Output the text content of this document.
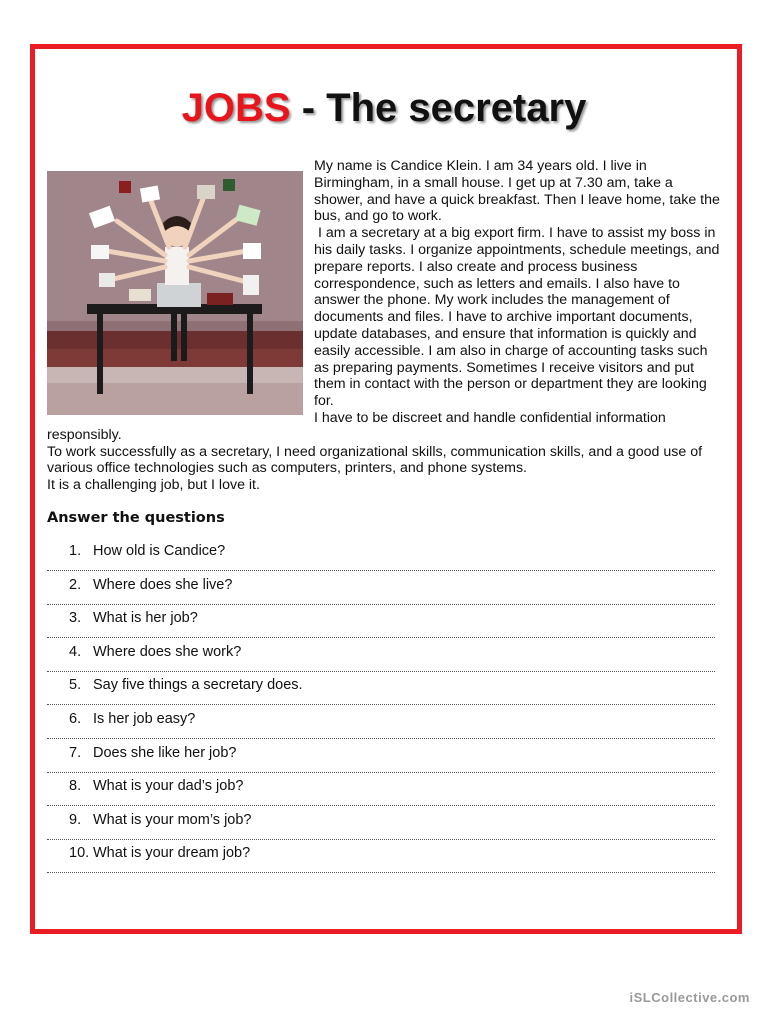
JOBS - The secretary

My name is Candice Klein. I am 34 years old. I live in Birmingham, in a small house. I get up at 7.30 am, take a shower, and have a quick breakfast. Then I leave home, take the bus, and go to work.
I am a secretary at a big export firm. I have to assist my boss in his daily tasks. I organize appointments, schedule meetings, and prepare reports. I also create and process business correspondence, such as letters and emails. I also have to answer the phone. My work includes the management of documents and files. I have to archive important documents, update databases, and ensure that information is quickly and easily accessible. I am also in charge of accounting tasks such as preparing payments. Sometimes I receive visitors and put them in contact with the person or department they are looking for.
I have to be discreet and handle confidential information responsibly.
To work successfully as a secretary, I need organizational skills, communication skills, and a good use of various office technologies such as computers, printers, and phone systems.
It is a challenging job, but I love it.

Answer the questions

1. How old is Candice?
2. Where does she live?
3. What is her job?
4. Where does she work?
5. Say five things a secretary does.
6. Is her job easy?
7. Does she like her job?
8. What is your dad’s job?
9. What is your mom’s job?
10. What is your dream job?
iSLCollective.com
